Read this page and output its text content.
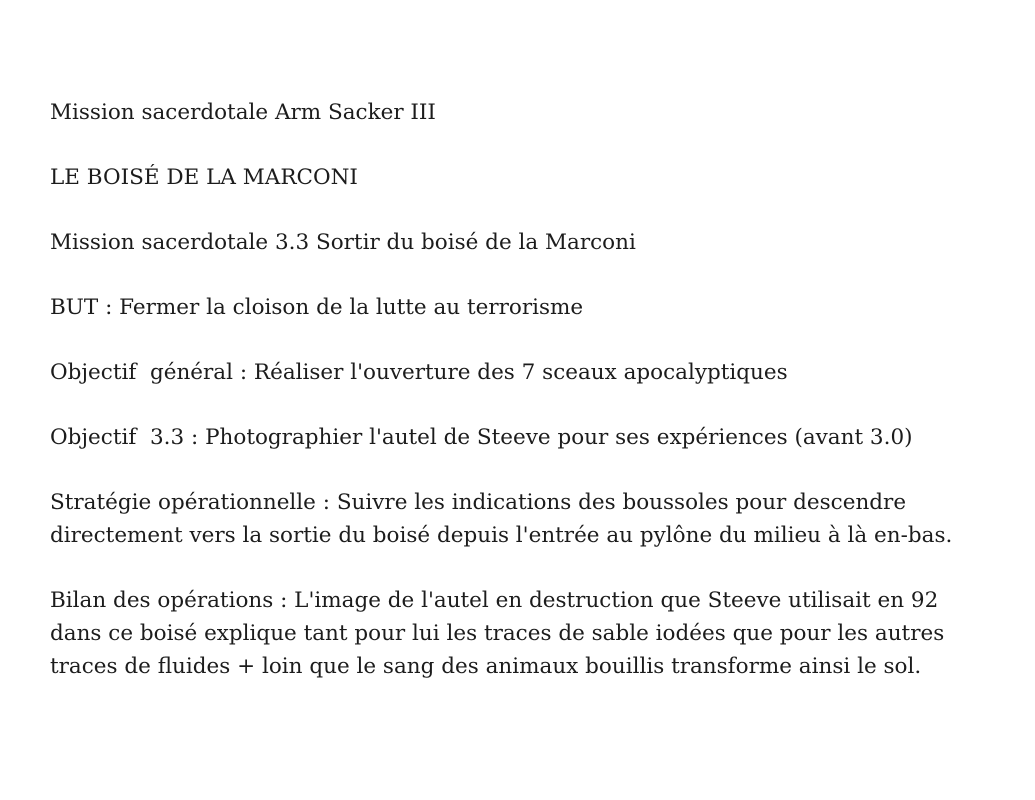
Mission sacerdotale Arm Sacker III

LE BOISÉ DE LA MARCONI

Mission sacerdotale 3.3 Sortir du boisé de la Marconi

BUT : Fermer la cloison de la lutte au terrorisme

Objectif  général : Réaliser l'ouverture des 7 sceaux apocalyptiques

Objectif  3.3 : Photographier l'autel de Steeve pour ses expériences (avant 3.0)

Stratégie opérationnelle : Suivre les indications des boussoles pour descendre
directement vers la sortie du boisé depuis l'entrée au pylône du milieu à là en-bas.

Bilan des opérations : L'image de l'autel en destruction que Steeve utilisait en 92
dans ce boisé explique tant pour lui les traces de sable iodées que pour les autres
traces de fluides + loin que le sang des animaux bouillis transforme ainsi le sol.
